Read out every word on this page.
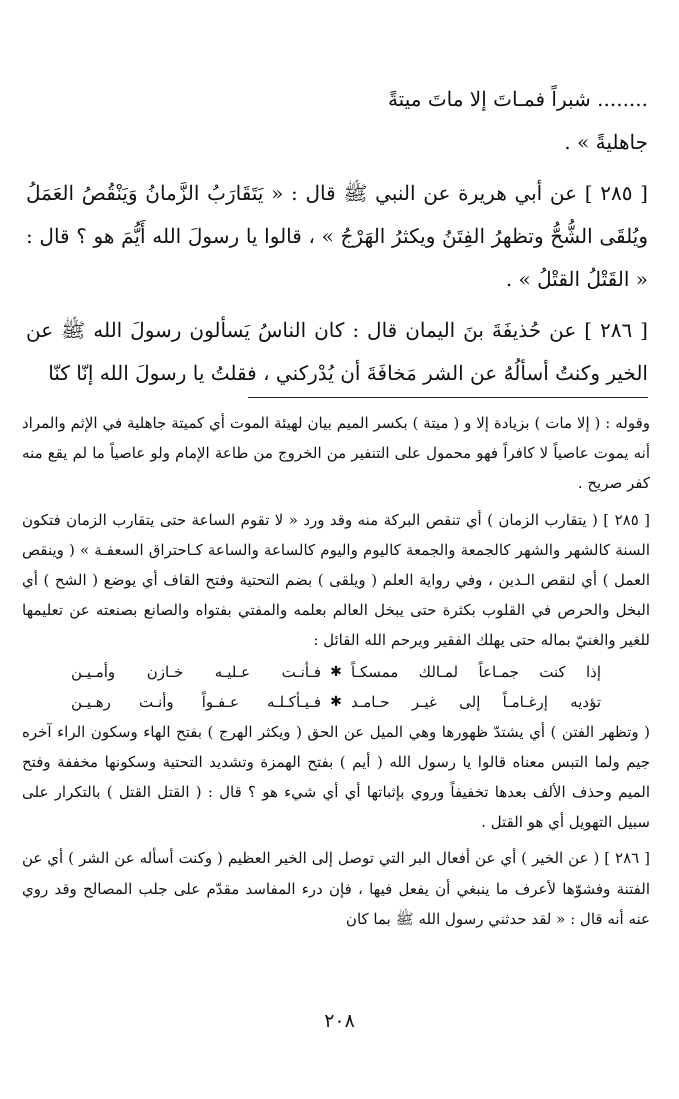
........ شبراً فمـاتَ إلا ماتَ ميتةً

جاهليةً » .

[ ٢٨٥ ] عن أبي هريرة عن النبي ﷺ قال : « يَتَقَارَبُ الزَّمانُ وَيَنْقُصُ العَمَلُ ويُلقَى الشُّحُّ وتظهرُ الفِتَنُ ويكثرُ الهَرْجُ » ، قالوا يا رسولَ الله أَيُّمَ هو ؟ قال : « القَتْلُ القتْلُ » .

[ ٢٨٦ ] عن حُذيفَةَ بنَ اليمان قال : كان الناسُ يَسألون رسولَ الله ﷺ عن الخير وكنتُ أسألُهُ عن الشر مَخافَةَ أن يُدْركني ، فقلتُ يا رسولَ الله إنّا كنّا

وقوله : ( إلا مات ) بزيادة إلا و ( ميتة ) بكسر الميم بيان لهيئة الموت أي كميتة جاهلية في الإثم والمراد أنه يموت عاصياً لا كافراً فهو محمول على التنفير من الخروج من طاعة الإمام ولو عاصياً ما لم يقع منه كفر صريح .

[ ٢٨٥ ] ( يتقارب الزمان ) أي تنقص البركة منه وقد ورد « لا تقوم الساعة حتى يتقارب الزمان فتكون السنة كالشهر والشهر كالجمعة والجمعة كاليوم واليوم كالساعة والساعة كـاحتراق السعفـة » ( وينقص العمل ) أي لنقص الـدين ، وفي رواية العلم ( ويلقى ) بضم التحتية وفتح القاف أي يوضع ( الشح ) أي البخل والحرص في القلوب بكثرة حتى يبخل العالم بعلمه والمفتي بفتواه والصانع بصنعته عن تعليمها للغير والغنيّ بماله حتى يهلك الفقير ويرحم الله القائل :

إذا كنت جمـاعاً لمـالك ممسكـاً
✱
فـأنـت عـليـه خـازن وأمـيـن
تؤديه إرغـامـاً إلى غيـر حـامـد
✱
فـيـأكـلـه عـفـواً وأنـت رهـيـن

( وتظهر الفتن ) أي يشتدّ ظهورها وهي الميل عن الحق ( ويكثر الهرج ) بفتح الهاء وسكون الراء آخره جيم ولما التبس معناه قالوا يا رسول الله ( أيم ) بفتح الهمزة وتشديد التحتية وسكونها مخففة وفتح الميم وحذف الألف بعدها تخفيفاً وروي بإثباتها أي أي شيء هو ؟ قال : ( القتل القتل ) بالتكرار على سبيل التهويل أي هو القتل .

[ ٢٨٦ ] ( عن الخير ) أي عن أفعال البر التي توصل إلى الخير العظيم ( وكنت أسأله عن الشر ) أي عن الفتنة وفشوّها لأعرف ما ينبغي أن يفعل فيها ، فإن درء المفاسد مقدّم على جلب المصالح وقد روي عنه أنه قال : « لقد حدثني رسول الله ﷺ بما كان

٢٠٨
